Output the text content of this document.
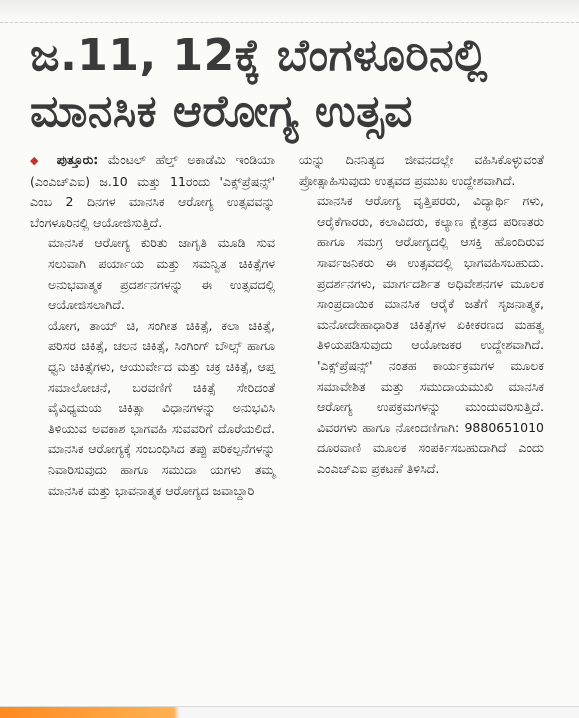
ಜ.11, 12ಕ್ಕೆ ಬೆಂಗಳೂರಿನಲ್ಲಿ
ಮಾನಸಿಕ ಆರೋಗ್ಯ ಉತ್ಸವ

◆ ಪುತ್ತೂರು: ಮೆಂಟಲ್ ಹೆಲ್ತ್ ಅಕಾಡೆಮಿ ಇಂಡಿಯಾ (ಎಂಎಚ್‌ಎಐ) ಜ.10 ಮತ್ತು 11ರಂದು 'ಎಕ್ಸ್‌ಪ್ರೆಷನ್ಸ್' ಎಂಬ 2 ದಿನಗಳ ಮಾನಸಿಕ ಆರೋಗ್ಯ ಉತ್ಸವವನ್ನು ಬೆಂಗಳೂರಿನಲ್ಲಿ ಆಯೋಜಿಸುತ್ತಿದೆ.

ಮಾನಸಿಕ ಆರೋಗ್ಯ ಕುರಿತು ಜಾಗೃತಿ ಮೂಡಿ ಸುವ ಸಲುವಾಗಿ ಪರ್ಯಾಯ ಮತ್ತು ಸಮನ್ವಿತ ಚಿಕಿತ್ಸೆಗಳ ಅನುಭವಾತ್ಮಕ ಪ್ರದರ್ಶನಗಳನ್ನು ಈ ಉತ್ಸವದಲ್ಲಿ ಆಯೋಜಿಸಲಾಗಿದೆ.

ಯೋಗ, ತಾಯ್ ಚಿ, ಸಂಗೀತ ಚಿಕಿತ್ಸೆ, ಕಲಾ ಚಿಕಿತ್ಸೆ, ಪರಿಸರ ಚಿಕಿತ್ಸೆ, ಚಲನ ಚಿಕಿತ್ಸೆ, ಸಿಂಗಿಂಗ್ ಬೌಲ್ಸ್ ಹಾಗೂ ಧ್ವನಿ ಚಿಕಿತ್ಸೆಗಳು, ಆಯುರ್ವೇದ ಮತ್ತು ಚಕ್ರ ಚಿಕಿತ್ಸೆ, ಆಪ್ತ ಸಮಾಲೋಚನೆ, ಬರವಣಿಗೆ ಚಿಕಿತ್ಸೆ ಸೇರಿದಂತೆ ವೈವಿಧ್ಯಮಯ ಚಿಕಿತ್ಸಾ ವಿಧಾನಗಳನ್ನು ಅನುಭವಿಸಿ ತಿಳಿಯುವ ಅವಕಾಶ ಭಾಗವಹಿ ಸುವವರಿಗೆ ದೊರೆಯಲಿದೆ. ಮಾನಸಿಕ ಆರೋಗ್ಯಕ್ಕೆ ಸಂಬಂಧಿಸಿದ ತಪ್ಪು ಪರಿಕಲ್ಪನೆಗಳನ್ನು ನಿವಾರಿಸುವುದು ಹಾಗೂ ಸಮುದಾ ಯಗಳು ತಮ್ಮ ಮಾನಸಿಕ ಮತ್ತು ಭಾವನಾತ್ಮಕ ಆರೋಗ್ಯದ ಜವಾಬ್ದಾರಿ

ಯನ್ನು ದಿನನಿತ್ಯದ ಜೀವನದಲ್ಲೇ ವಹಿಸಿಕೊಳ್ಳುವಂತೆ ಪ್ರೋತ್ಸಾಹಿಸುವುದು ಉತ್ಸವದ ಪ್ರಮುಖ ಉದ್ದೇಶವಾಗಿದೆ.

ಮಾನಸಿಕ ಆರೋಗ್ಯ ವೃತ್ತಿಪರರು, ವಿದ್ಯಾರ್ಥಿ ಗಳು, ಆರೈಕೆಗಾರರು, ಕಲಾವಿದರು, ಕಲ್ಯಾಣ ಕ್ಷೇತ್ರದ ಪರಿಣತರು ಹಾಗೂ ಸಮಗ್ರ ಆರೋಗ್ಯದಲ್ಲಿ ಆಸಕ್ತಿ ಹೊಂದಿರುವ ಸಾರ್ವಜನಿಕರು ಈ ಉತ್ಸವದಲ್ಲಿ ಭಾಗವಹಿಸಬಹುದು. ಪ್ರದರ್ಶನಗಳು, ಮಾರ್ಗದರ್ಶಿತ ಅಧಿವೇಶನಗಳ ಮೂಲಕ ಸಾಂಪ್ರದಾಯಿಕ ಮಾನಸಿಕ ಆರೈಕೆ ಜತೆಗೆ ಸೃಜನಾತ್ಮಕ, ಮನೋದೇಹಾಧಾರಿತ ಚಿಕಿತ್ಸೆಗಳ ಏಕೀಕರಣದ ಮಹತ್ವ ತಿಳಿಯಪಡಿಸುವುದು ಆಯೋಜಕರ ಉದ್ದೇಶವಾಗಿದೆ. 'ಎಕ್ಸ್‌ಪ್ರೆಷನ್ಸ್' ನಂತಹ ಕಾರ್ಯಕ್ರಮಗಳ ಮೂಲಕ ಸಮಾವೇಶಿತ ಮತ್ತು ಸಮುದಾಯಮುಖಿ ಮಾನಸಿಕ ಆರೋಗ್ಯ ಉಪಕ್ರಮಗಳನ್ನು ಮುಂದುವರಿಸುತ್ತಿದೆ. ವಿವರಗಳು ಹಾಗೂ ನೋಂದಣಿಗಾಗಿ: 9880651010 ದೂರವಾಣಿ ಮೂಲಕ ಸಂಪರ್ಕಿಸಬಹುದಾಗಿದೆ ಎಂದು ಎಂಎಚ್ಎಐ ಪ್ರಕಟಣೆ ತಿಳಿಸಿದೆ.
